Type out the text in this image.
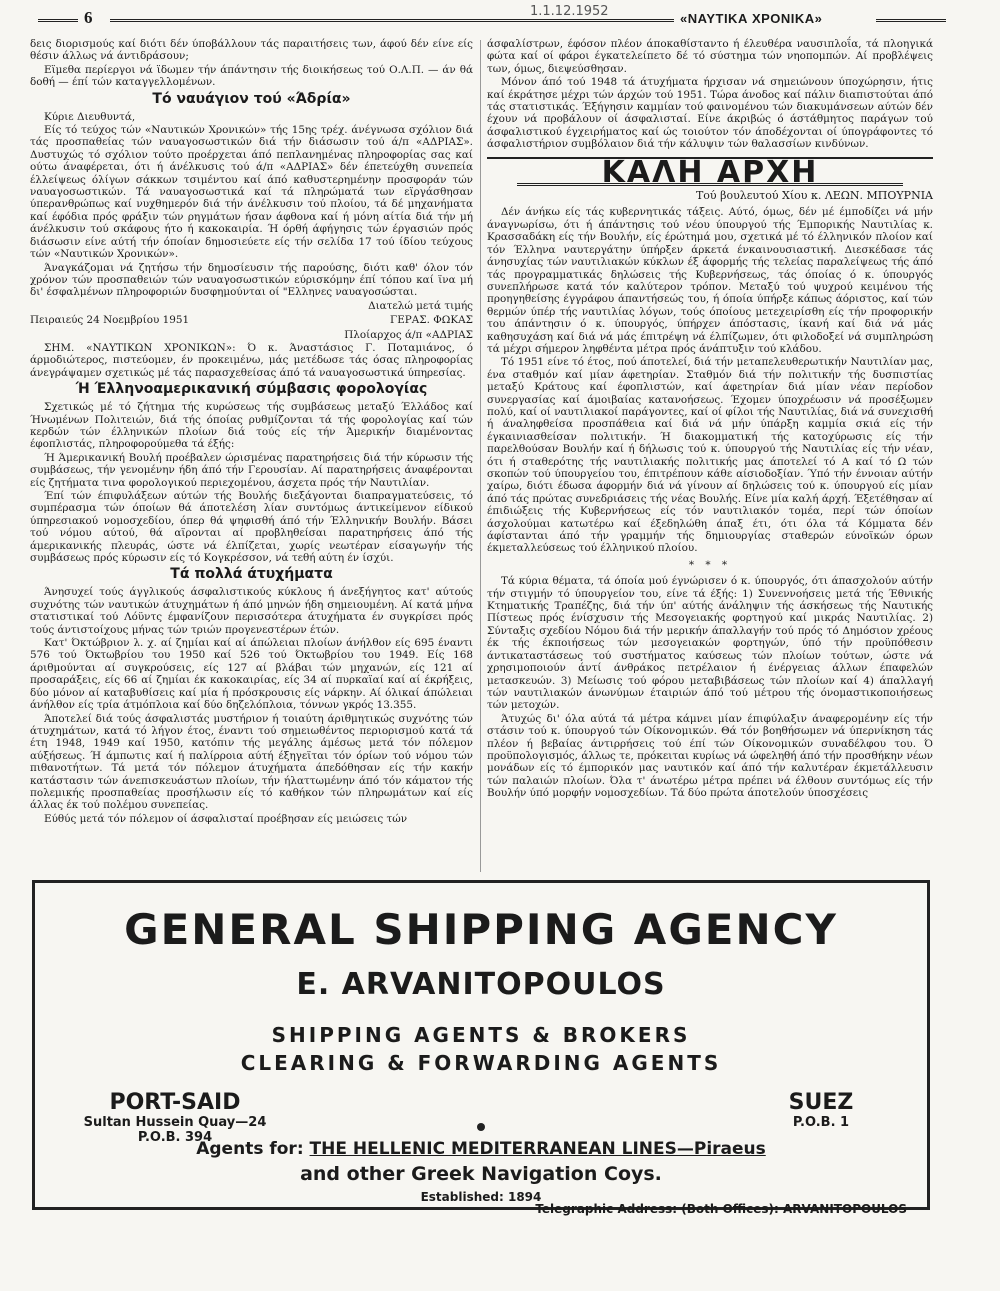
6	1.1.12.1952	«ΝΑΥΤΙΚΑ ΧΡΟΝΙΚΑ»

δεις διορισμούς καί διότι δέν ύποβάλλουν τάς παραιτήσεις των, άφού δέν είνε είς θέσιν άλλως νά άντιδράσουν;

Εϊμεθα περίεργοι νά ϊδωμεν τήν άπάντησιν τής διοικήσεως τού Ο.Λ.Π. — άν θά δοθή — έπί τών καταγγελλομένων.

Τό ναυάγιον τού «Άδρία»

Κύριε Διευθυντά,

Είς τό τεύχος τών «Ναυτικών Χρονικών» τής 15ης τρέχ. άνέγνωσα σχόλιον διά τάς προσπαθείας τών ναυαγοσωστικών διά τήν διάσωσιν τού ά/π «ΑΔΡΙΑΣ». Δυστυχώς τό σχόλιον τούτο προέρχεται άπό πεπλανημένας πληροφορίας σας καί ούτω άναφέρεται, ότι ή άνέλκυσις τού ά/π «ΑΔΡΙΑΣ» δέν έπετεύχθη συνεπεία έλλείψεως όλίγων σάκκων τσιμέντου καί άπό καθυστερημένην προσφοράν τών ναυαγοσωστικών. Τά ναυαγοσωστικά καί τά πληρώματά των εϊργάσθησαν ύπερανθρώπως καί νυχθημερόν διά τήν άνέλκυσιν τού πλοίου, τά δέ μηχανήματα καί έφόδια πρός φράξιν τών ρηγμάτων ήσαν άφθονα καί ή μόνη αίτία διά τήν μή άνέλκυσιν τού σκάφους ήτο ή κακοκαιρία. Ή όρθή άφήγησις τών έργασιών πρός διάσωσιν είνε αύτή τήν όποίαν δημοσιεύετε είς τήν σελίδα 17 τού ίδίου τεύχους τών «Ναυτικών Χρονικών».

Άναγκάζομαι νά ζητήσω τήν δημοσίευσιν τής παρούσης, διότι καθ' όλον τόν χρόνον τών προσπαθειών τών ναυαγοσωστικών εύρισκόμην έπί τόπου καί ϊνα μή δι' έσφαλμένων πληροφοριών δυσφημούνται οί "Ελληνες ναυαγοσώσται.

Διατελώ μετά τιμής

Πειραιεύς 24 Νοεμβρίου 1951	ΓΕΡΑΣ. ΦΩΚΑΣ

Πλοίαρχος ά/π «ΑΔΡΙΑΣ

ΣΗΜ. «ΝΑΥΤΙΚΩΝ ΧΡΟΝΙΚΩΝ»: Ό κ. Άναστάσιος Γ. Ποταμιάνος, ό άρμοδιώτερος, πιστεύομεν, έν προκειμένω, μάς μετέδωσε τάς όσας πληροφορίας άνεγράψαμεν σχετικώς μέ τάς παρασχεθείσας άπό τά ναυαγοσωστικά ύπηρεσίας.

Ή Έλληνοαμερικανική σύμβασις φορολογίας

Σχετικώς μέ τό ζήτημα τής κυρώσεως τής συμβάσεως μεταξύ Έλλάδος καί Ήνωμένων Πολιτειών, διά τής όποίας ρυθμίζονται τά τής φορολογίας καί τών κερδών τών έλληνικών πλοίων διά τούς είς τήν Άμερικήν διαμένοντας έφοπλιστάς, πληροφορούμεθα τά έξής:

Ή Άμερικανική Βουλή προέβαλεν ώρισμένας παρατηρήσεις διά τήν κύρωσιν τής συμβάσεως, τήν γενομένην ήδη άπό τήν Γερουσίαν. Αί παρατηρήσεις άναφέρονται είς ζητήματα τινα φορολογικού περιεχομένου, άσχετα πρός τήν Ναυτιλίαν.

Έπί τών έπιφυλάξεων αύτών τής Βουλής διεξάγονται διαπραγματεύσεις, τό συμπέρασμα τών όποίων θά άποτελέση λίαν συντόμως άντικείμενον είδικού ύπηρεσιακού νομοσχεδίου, όπερ θά ψηφισθή άπό τήν Έλληνικήν Βουλήν. Βάσει τού νόμου αύτού, θά αϊρονται αί προβληθείσαι παρατηρήσεις άπό τής άμερικανικής πλευράς, ώστε νά έλπίζεται, χωρίς νεωτέραν είσαγωγήν τής συμβάσεως πρός κύρωσιν είς τό Κογκρέσσον, νά τεθή αύτη έν ίσχύι.

Τά πολλά άτυχήματα

Άνησυχεί τούς άγγλικούς άσφαλιστικούς κύκλους ή άνεξήγητος κατ' αύτούς συχνότης τών ναυτικών άτυχημάτων ή άπό μηνών ήδη σημειουμένη. Αί κατά μήνα στατιστικαί τού Λόϋντς έμφανίζουν περισσότερα άτυχήματα έν συγκρίσει πρός τούς άντιστοίχους μήνας τών τριών προγενεστέρων έτών.

Κατ' Όκτώβριον λ. χ. αί ζημίαι καί αί άπώλειαι πλοίων άνήλθον είς 695 έναντι 576 τού Όκτωβρίου του 1950 καί 526 τού Όκτωβρίου του 1949. Είς 168 άριθμούνται αί συγκρούσεις, είς 127 αί βλάβαι τών μηχανών, είς 121 αί προσαράξεις, είς 66 αί ζημίαι έκ κακοκαιρίας, είς 34 αί πυρκαϊαί καί αί έκρήξεις, δύο μόνον αί καταβυθίσεις καί μία ή πρόσκρουσις είς νάρκην. Αί όλικαί άπώλειαι άνήλθον είς τρία άτμόπλοια καί δύο δηζελόπλοια, τόννων γκρός 13.355.

Άποτελεί διά τούς άσφαλιστάς μυστήριον ή τοιαύτη άριθμητικώς συχνότης τών άτυχημάτων, κατά τό λήγον έτος, έναντι τού σημειωθέντος περιορισμού κατά τά έτη 1948, 1949 καί 1950, κατόπιν τής μεγάλης άμέσως μετά τόν πόλεμον αύξήσεως. Ή άμπωτις καί ή παλίρροια αύτή έξηγεϊται τόν όρίων τού νόμου τών πιθανοτήτων. Τά μετά τόν πόλεμον άτυχήματα άπεδόθησαν είς τήν κακήν κατάστασιν τών άνεπισκευάστων πλοίων, τήν ήλαττωμένην άπό τόν κάματον τής πολεμικής προσπαθείας προσήλωσιν είς τό καθήκον τών πληρωμάτων καί είς άλλας έκ τού πολέμου συνεπείας.

Εύθύς μετά τόν πόλεμον οί άσφαλισταί προέβησαν είς μειώσεις τών

άσφαλίστρων, έφόσον πλέον άποκαθίσταντο ή έλευθέρα ναυσιπλοΐα, τά πλοηγικά φώτα καί οί φάροι έγκατελείπετο δέ τό σύστημα τών νηοπομπών. Αί προβλέψεις των, όμως, διεψεύσθησαν.

Μόνον άπό τού 1948 τά άτυχήματα ήρχισαν νά σημειώνουν ύποχώρησιν, ήτις καί έκράτησε μέχρι τών άρχών τού 1951. Τώρα άνοδος καί πάλιν διαπιστούται άπό τάς στατιστικάς. Έξήγησιν καμμίαν τού φαινομένου τών διακυμάνσεων αύτών δέν έχουν νά προβάλουν οί άσφαλισταί. Είνε άκριβώς ό άστάθμητος παράγων τού άσφαλιστικού έγχειρήματος καί ώς τοιούτον τόν άποδέχονται οί ύπογράφοντες τό άσφαλιστήριον συμβόλαιον διά τήν κάλυψιν τών θαλασσίων κινδύνων.

ΚΑΛΗ ΑΡΧΗ
Τού βουλευτού Χίου κ. ΛΕΩΝ. ΜΠΟΥΡΝΙΑ

Δέν άνήκω είς τάς κυβερνητικάς τάξεις. Αύτό, όμως, δέν μέ έμποδίζει νά μήν άναγνωρίσω, ότι ή άπάντησις τού νέου ύπουργού τής Έμπορικής Ναυτιλίας κ. Κρασσαδάκη είς τήν Βουλήν, είς έρώτημά μου, σχετικά μέ τό έλληνικόν πλοίον καί τόν Έλληνα ναυτεργάτην ύπήρξεν άρκετά ένκαινουσιαστική. Διεσκέδασε τάς άνησυχίας τών ναυτιλιακών κύκλων έξ άφορμής τής τελείας παραλείψεως τής άπό τάς προγραμματικάς δηλώσεις τής Κυβερνήσεως, τάς όποίας ό κ. ύπουργός συνεπλήρωσε κατά τόν καλύτερον τρόπον. Μεταξύ τού ψυχρού κειμένου τής προηγηθείσης έγγράφου άπαντήσεώς του, ή όποία ύπήρξε κάπως άόριστος, καί τών θερμών ύπέρ τής ναυτιλίας λόγων, τούς όποίους μετεχειρίσθη είς τήν προφορικήν του άπάντησιν ό κ. ύπουργός, ύπήρχεν άπόστασις, ίκανή καί διά νά μάς καθησυχάση καί διά νά μάς έπιτρέψη νά έλπίζωμεν, ότι φιλοδοξεί νά συμπληρώση τά μέχρι σήμερον ληφθέντα μέτρα πρός άνάπτυξιν τού κλάδου.

Τό 1951 είνε τό έτος, πού άποτελεί, διά τήν μεταπελευθερωτικήν Ναυτιλίαν μας, ένα σταθμόν καί μίαν άφετηρίαν. Σταθμόν διά τήν πολιτικήν τής δυσπιστίας μεταξύ Κράτους καί έφοπλιστών, καί άφετηρίαν διά μίαν νέαν περίοδον συνεργασίας καί άμοιβαίας κατανοήσεως. Έχομεν ύποχρέωσιν νά προσέξωμεν πολύ, καί οί ναυτιλιακοί παράγοντες, καί οί φίλοι τής Ναυτιλίας, διά νά συνεχισθή ή άναληφθείσα προσπάθεια καί διά νά μήν ύπάρξη καμμία σκιά είς τήν έγκαινιασθείσαν πολιτικήν. Ή διακομματική τής κατοχύρωσις είς τήν παρελθούσαν Βουλήν καί ή δήλωσις τού κ. ύπουργού τής Ναυτιλίας είς τήν νέαν, ότι ή σταθερότης τής ναυτιλιακής πολιτικής μας άποτελεί τό Α καί τό Ω τών σκοπών τού ύπουργείου του, έπιτρέπουν κάθε αίσιοδοξίαν. Ύπό τήν έννοιαν αύτήν χαίρω, διότι έδωσα άφορμήν διά νά γίνουν αί δηλώσεις τού κ. ύπουργού είς μίαν άπό τάς πρώτας συνεδριάσεις τής νέας Βουλής. Είνε μία καλή άρχή. Έξετέθησαν αί έπιδιώξεις τής Κυβερνήσεως είς τόν ναυτιλιακόν τομέα, περί τών όποίων άσχολούμαι κατωτέρω καί έξεδηλώθη άπαξ έτι, ότι όλα τά Κόμματα δέν άφίστανται άπό τήν γραμμήν τής δημιουργίας σταθερών εύνοϊκών όρων έκμεταλλεύσεως τού έλληνικού πλοίου.

* * *

Τά κύρια θέματα, τά όποία μού έγνώρισεν ό κ. ύπουργός, ότι άπασχολούν αύτήν τήν στιγμήν τό ύπουργείον του, είνε τά έξής: 1) Συνεννοήσεις μετά τής Έθνικής Κτηματικής Τραπέζης, διά τήν ύπ' αύτής άνάληψιν τής άσκήσεως τής Ναυτικής Πίστεως πρός ένίσχυσιν τής Μεσογειακής φορτηγού καί μικράς Ναυτιλίας. 2) Σύνταξις σχεδίου Νόμου διά τήν μερικήν άπαλλαγήν τού πρός τό Δημόσιον χρέους έκ τής έκποιήσεως τών μεσογειακών φορτηγών, ύπό τήν προϋπόθεσιν άντικαταστάσεως τού συστήματος καύσεως τών πλοίων τούτων, ώστε νά χρησιμοποιούν άντί άνθράκος πετρέλαιον ή ένέργειας άλλων έπαφελών μετασκευών. 3) Μείωσις τού φόρου μεταβιβάσεως τών πλοίων καί 4) άπαλλαγή τών ναυτιλιακών άνωνύμων έταιριών άπό τού μέτρου τής όνομαστικοποιήσεως τών μετοχών.

Άτυχώς δι' όλα αύτά τά μέτρα κάμνει μίαν έπιφύλαξιν άναφερομένην είς τήν στάσιν τού κ. ύπουργού τών Οίκονομικών. Θά τόν βοηθήσωμεν νά ύπερνίκηση τάς πλέον ή βεβαίας άντιρρήσεις τού έπί τών Οίκονομικών συναδέλφου του. Ό προϋπολογισμός, άλλως τε, πρόκειται κυρίως νά ώφεληθή άπό τήν προσθήκην νέων μονάδων είς τό έμπορικόν μας ναυτικόν καί άπό τήν καλυτέραν έκμετάλλευσιν τών παλαιών πλοίων. Όλα τ' άνωτέρω μέτρα πρέπει νά έλθουν συντόμως είς τήν Βουλήν ύπό μορφήν νομοσχεδίων. Τά δύο πρώτα άποτελούν ύποσχέσεις

GENERAL SHIPPING AGENCY
E. ARVANITOPOULOS
SHIPPING AGENTS & BROKERS
CLEARING & FORWARDING AGENTS
PORT-SAID
Sultan Hussein Quay—24
P.O.B. 394
SUEZ
P.O.B. 1
Agents for: THE HELLENIC MEDITERRANEAN LINES—Piraeus
and other Greek Navigation Coys.
Established: 1894
Telegraphic Address: (Both Offices): ARVANITOPOULOS
